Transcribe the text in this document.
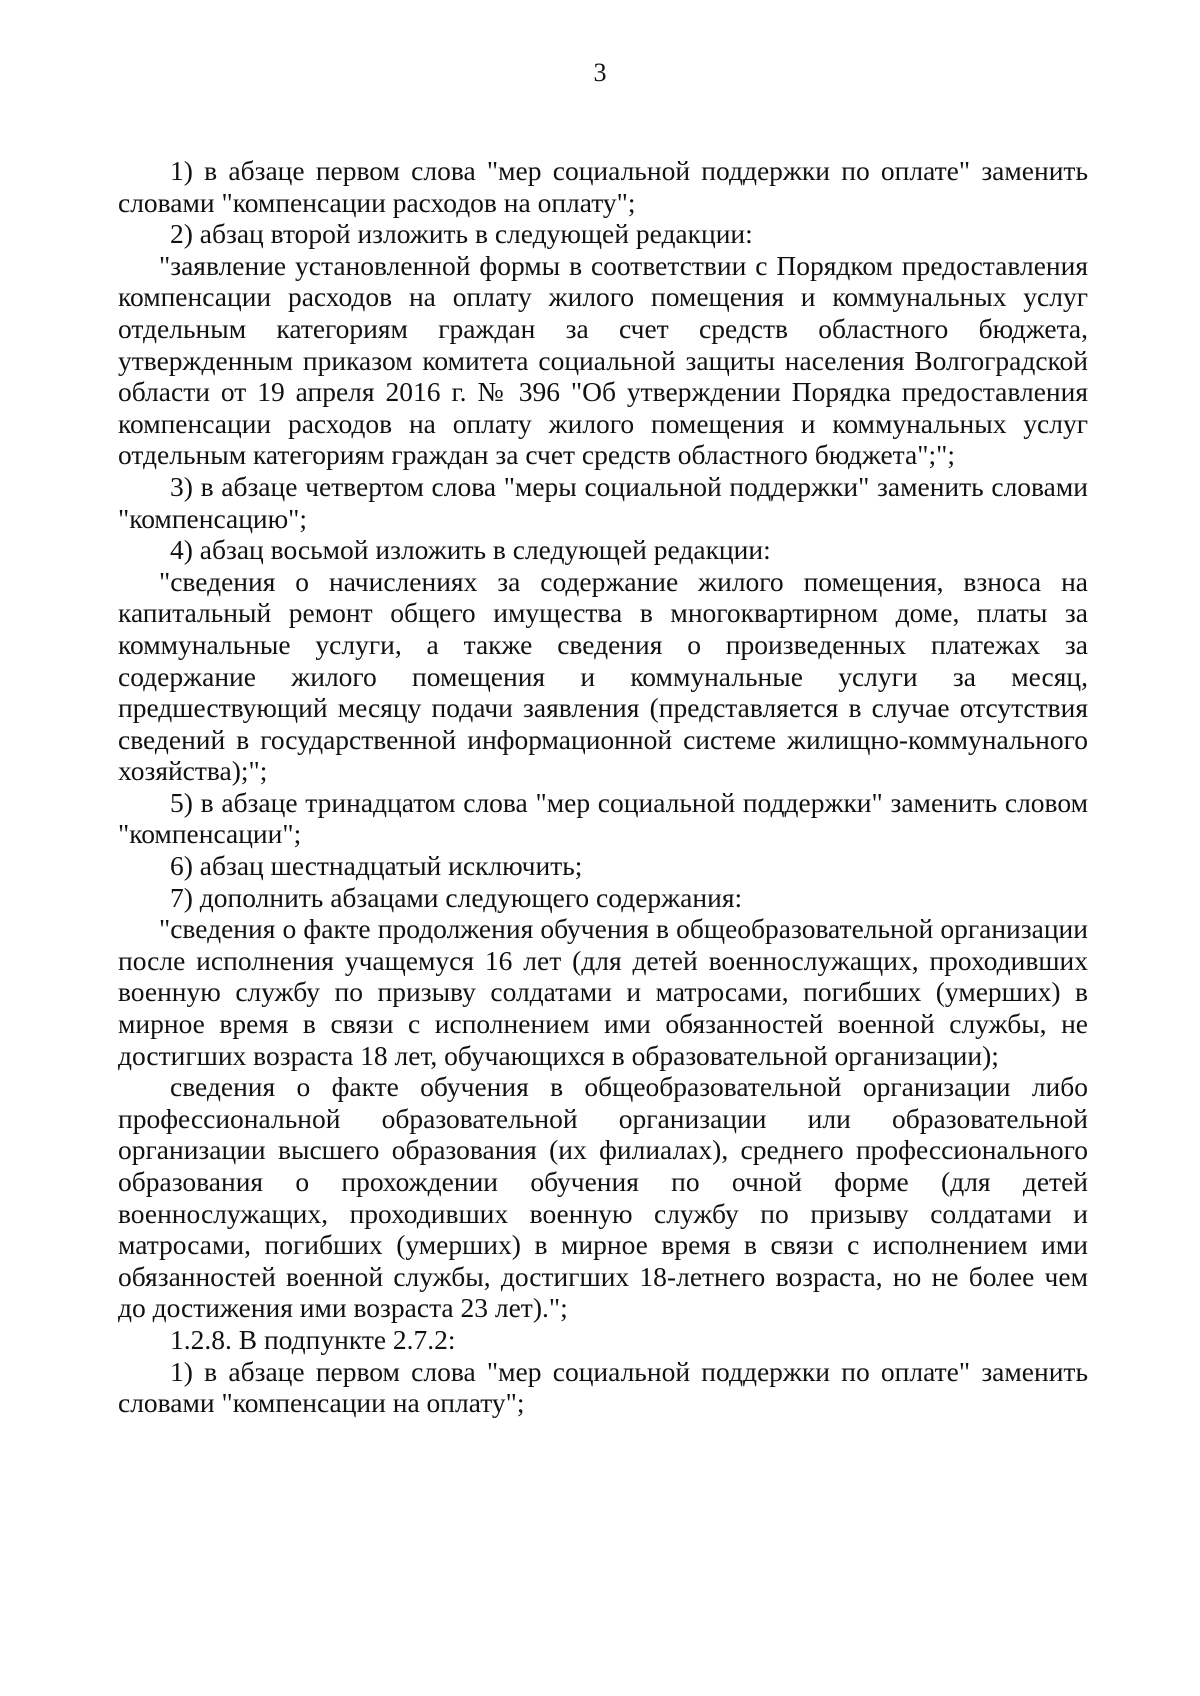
3

1) в абзаце первом слова "мер социальной поддержки по оплате" заменить словами "компенсации расходов на оплату";

2) абзац второй изложить в следующей редакции:

"заявление установленной формы в соответствии с Порядком предоставления компенсации расходов на оплату жилого помещения и коммунальных услуг отдельным категориям граждан за счет средств областного бюджета, утвержденным приказом комитета социальной защиты населения Волгоградской области от 19 апреля 2016 г. № 396 "Об утверждении Порядка предоставления компенсации расходов на оплату жилого помещения и коммунальных услуг отдельным категориям граждан за счет средств областного бюджета";";

3) в абзаце четвертом слова "меры социальной поддержки" заменить словами "компенсацию";

4) абзац восьмой изложить в следующей редакции:

"сведения о начислениях за содержание жилого помещения, взноса на капитальный ремонт общего имущества в многоквартирном доме, платы за коммунальные услуги, а также сведения о произведенных платежах за содержание жилого помещения и коммунальные услуги за месяц, предшествующий месяцу подачи заявления (представляется в случае отсутствия сведений в государственной информационной системе жилищно-коммунального хозяйства);";

5) в абзаце тринадцатом слова "мер социальной поддержки" заменить словом "компенсации";

6) абзац шестнадцатый исключить;

7) дополнить абзацами следующего содержания:

"сведения о факте продолжения обучения в общеобразовательной организации после исполнения учащемуся 16 лет (для детей военнослужащих, проходивших военную службу по призыву солдатами и матросами, погибших (умерших) в мирное время в связи с исполнением ими обязанностей военной службы, не достигших возраста 18 лет, обучающихся в образовательной организации);

сведения о факте обучения в общеобразовательной организации либо профессиональной образовательной организации или образовательной организации высшего образования (их филиалах), среднего профессионального образования о прохождении обучения по очной форме (для детей военнослужащих, проходивших военную службу по призыву солдатами и матросами, погибших (умерших) в мирное время в связи с исполнением ими обязанностей военной службы, достигших 18-летнего возраста, но не более чем до достижения ими возраста 23 лет).";

1.2.8. В подпункте 2.7.2:

1) в абзаце первом слова "мер социальной поддержки по оплате" заменить словами "компенсации на оплату";
